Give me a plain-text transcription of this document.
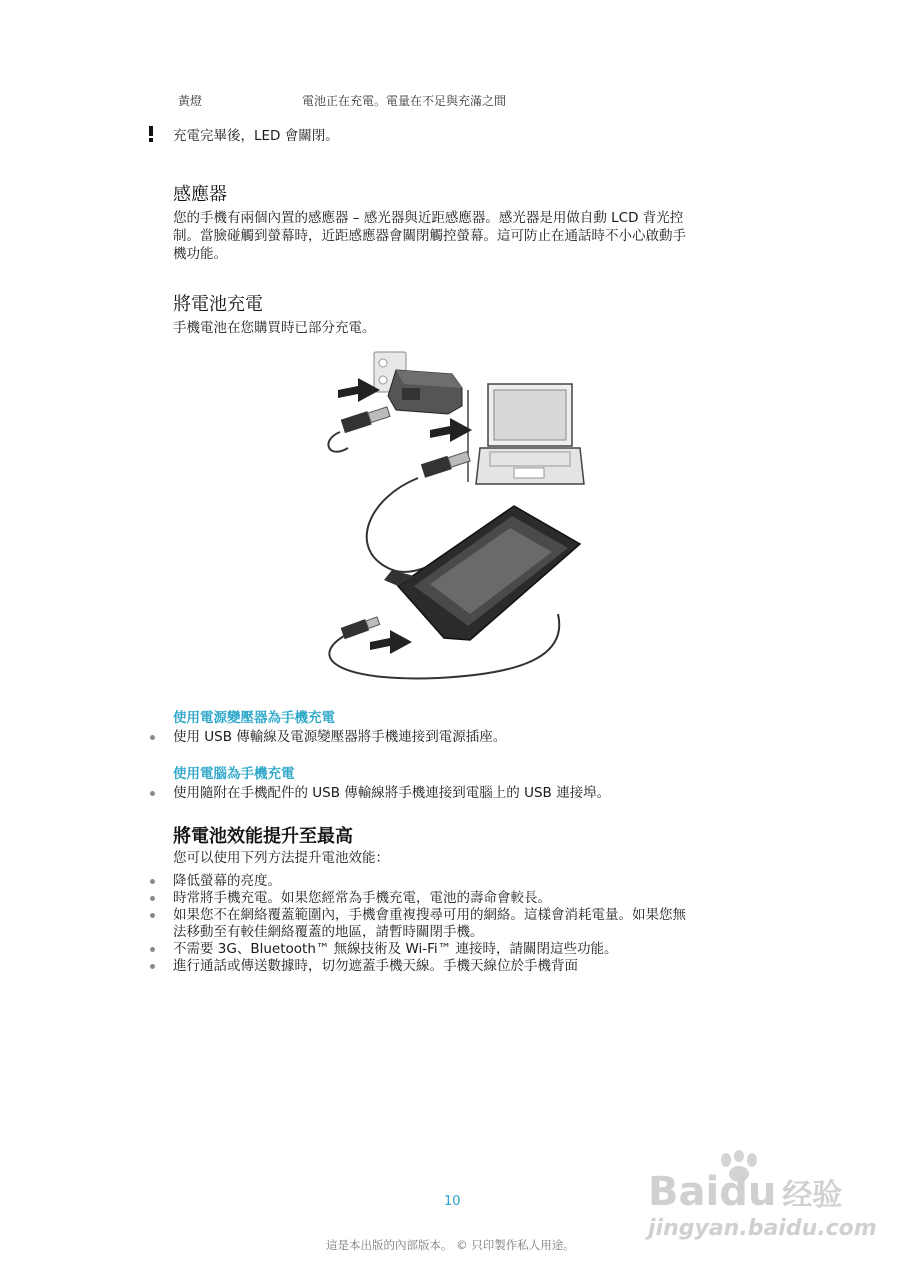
黃燈	電池正在充電。電量在不足與充滿之間
充電完畢後，LED 會關閉。
感應器
您的手機有兩個內置的感應器 – 感光器與近距感應器。感光器是用做自動 LCD 背光控
制。當臉碰觸到螢幕時，近距感應器會關閉觸控螢幕。這可防止在通話時不小心啟動手
機功能。
將電池充電
手機電池在您購買時已部分充電。
使用電源變壓器為手機充電
使用 USB 傳輸線及電源變壓器將手機連接到電源插座。
使用電腦為手機充電
使用隨附在手機配件的 USB 傳輸線將手機連接到電腦上的 USB 連接埠。
將電池效能提升至最高
您可以使用下列方法提升電池效能：
降低螢幕的亮度。
時常將手機充電。如果您經常為手機充電，電池的壽命會較長。
如果您不在網絡覆蓋範圍內，手機會重複搜尋可用的網絡。這樣會消耗電量。如果您無
法移動至有較佳網絡覆蓋的地區，請暫時關閉手機。
不需要 3G、Bluetooth™ 無線技術及 Wi-Fi™ 連接時，請關閉這些功能。
進行通話或傳送數據時，切勿遮蓋手機天線。手機天線位於手機背面
10
這是本出版的內部版本。 © 只印製作私人用途。
Baidu 经验
jingyan.baidu.com
